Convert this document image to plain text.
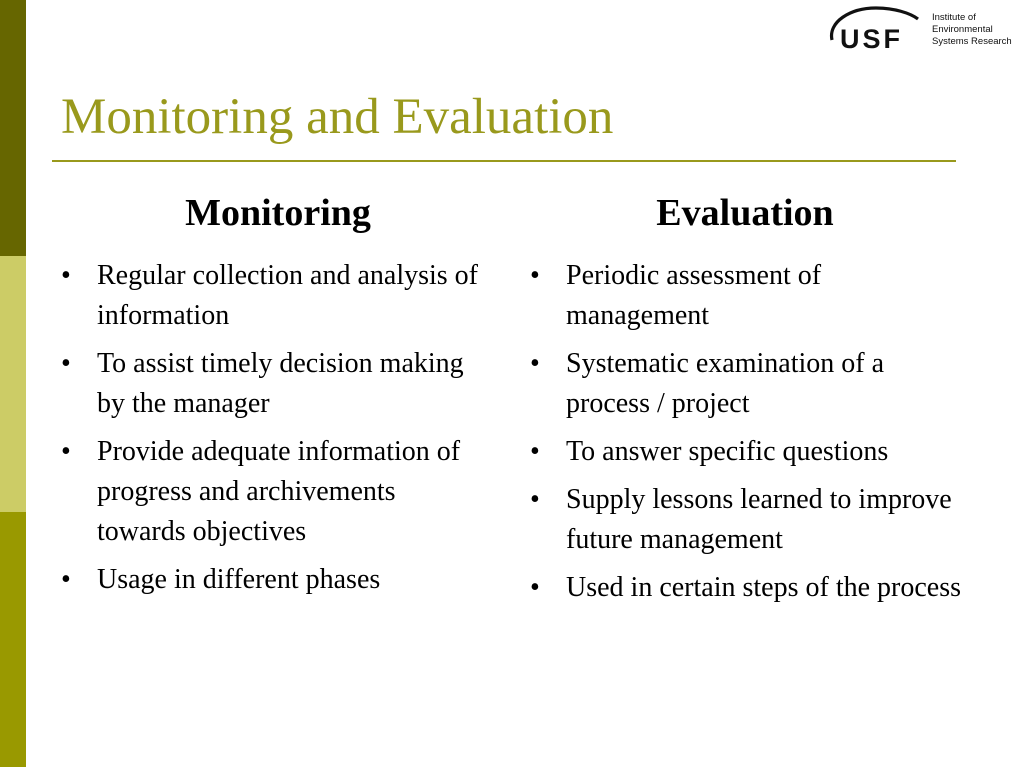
USF
Institute of
Environmental
Systems Research
Monitoring and Evaluation
Monitoring
• Regular collection and analysis of information
• To assist timely decision making by the manager
• Provide adequate information of progress and archivements towards objectives
• Usage in different phases
Evaluation
• Periodic assessment of management
• Systematic examination of a process / project
• To answer specific questions
• Supply lessons learned to improve future management
• Used in certain steps of the process
